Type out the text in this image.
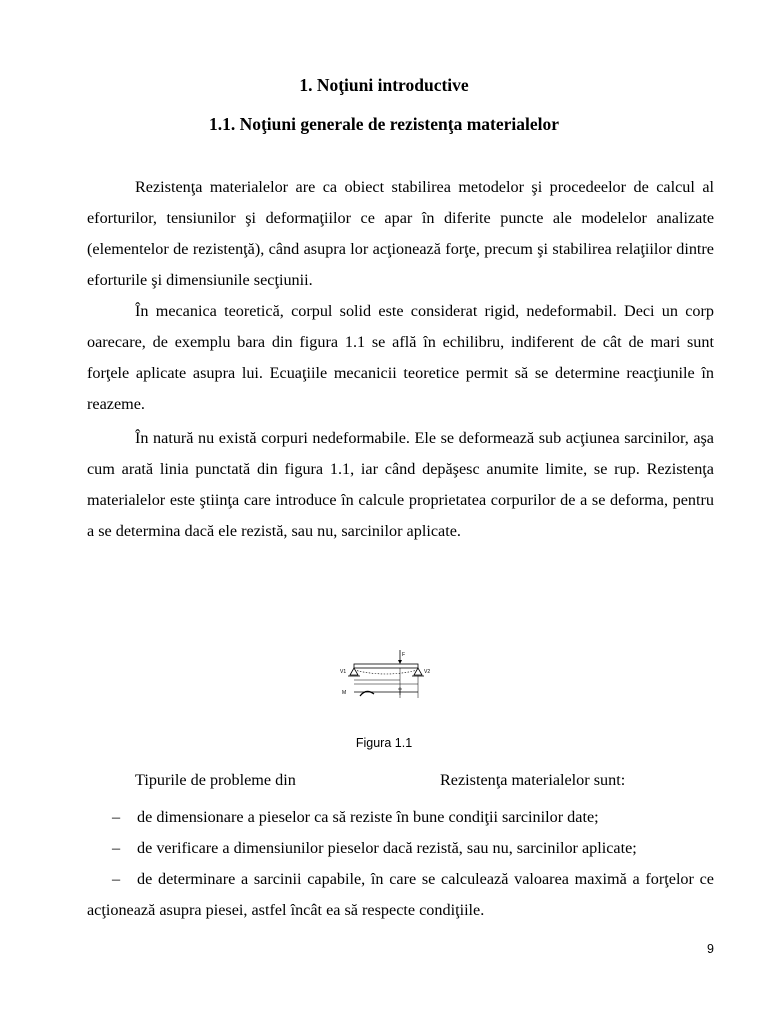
1. Noţiuni introductive
1.1. Noţiuni generale de rezistenţa materialelor

Rezistenţa materialelor are ca obiect stabilirea metodelor şi procedeelor de calcul al eforturilor, tensiunilor şi deformaţiilor ce apar în diferite puncte ale modelelor analizate (elementelor de rezistenţă), când asupra lor acţionează forţe, precum şi stabilirea relaţiilor dintre eforturile şi dimensiunile secţiunii.

În mecanica teoretică, corpul solid este considerat rigid, nedeformabil. Deci un corp oarecare, de exemplu bara din figura 1.1 se află în echilibru, indiferent de cât de mari sunt forţele aplicate asupra lui. Ecuaţiile mecanicii teoretice permit să se determine reacţiunile în reazeme.

În natură nu există corpuri nedeformabile. Ele se deformează sub acţiunea sarcinilor, aşa cum arată linia punctată din figura 1.1, iar când depăşesc anumite limite, se rup. Rezistenţa materialelor este ştiinţa care introduce în calcule proprietatea corpurilor de a se deforma, pentru a se determina dacă ele rezistă, sau nu, sarcinilor aplicate.

F
V1	V2
M
Figura 1.1
Tipurile de probleme din	Rezistenţa materialelor sunt:

– de dimensionare a pieselor ca să reziste în bune condiţii sarcinilor date;

– de verificare a dimensiunilor pieselor dacă rezistă, sau nu, sarcinilor aplicate;

– de determinare a sarcinii capabile, în care se calculează valoarea maximă a forţelor ce acţionează asupra piesei, astfel încât ea să respecte condiţiile.

9
